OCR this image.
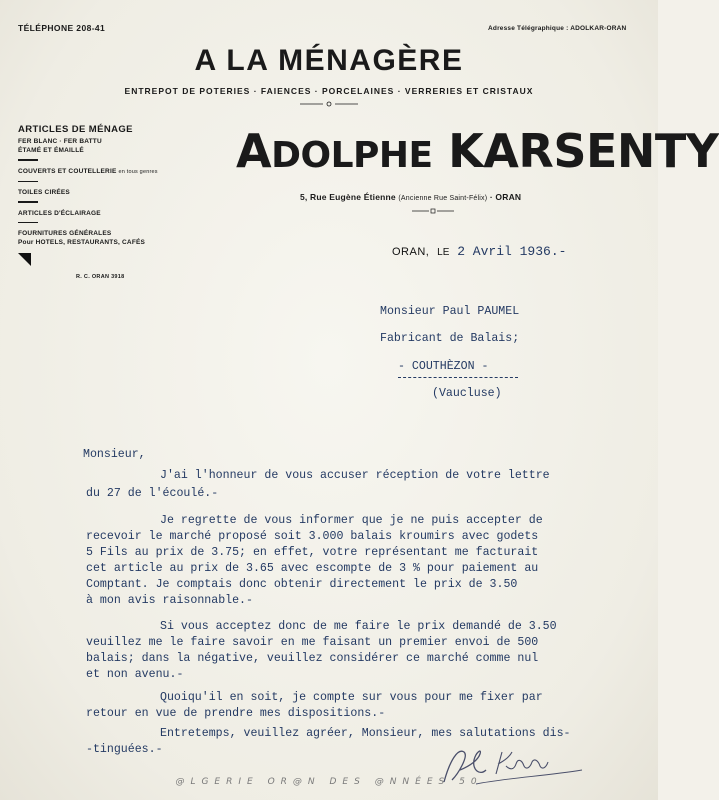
TÉLÉPHONE 208-41	Adresse Télégraphique : ADOLKAR-ORAN
A LA MÉNAGÈRE
ENTREPOT DE POTERIES · FAIENCES · PORCELAINES · VERRERIES ET CRISTAUX
ARTICLES DE MÉNAGE
FER BLANC · FER BATTU
ÉTAMÉ ET ÉMAILLÉ
COUVERTS ET COUTELLERIE en tous genres
TOILES CIRÉES
ARTICLES D'ÉCLAIRAGE
FOURNITURES GÉNÉRALES
Pour HOTELS, RESTAURANTS, CAFÉS
R. C. ORAN 3918
ADOLPHE KARSENTY
5, Rue Eugène Étienne (Ancienne Rue Saint-Félix) · ORAN
ORAN, LE 2 Avril 1936.-
Monsieur Paul PAUMEL
Fabricant de Balais;
- COUTHÈZON -
(Vaucluse)
Monsieur,
J'ai l'honneur de vous accuser réception de votre lettre
du 27 de l'écoulé.-
Je regrette de vous informer que je ne puis accepter de
recevoir le marché proposé soit 3.000 balais kroumirs avec godets
5 Fils au prix de 3.75; en effet, votre représentant me facturait
cet article au prix de 3.65 avec escompte de 3 % pour paiement au
Comptant. Je comptais donc obtenir directement le prix de 3.50
à mon avis raisonnable.-
Si vous acceptez donc de me faire le prix demandé de 3.50
veuillez me le faire savoir en me faisant un premier envoi de 500
balais; dans la négative, veuillez considérer ce marché comme nul
et non avenu.-
Quoiqu'il en soit, je compte sur vous pour me fixer par
retour en vue de prendre mes dispositions.-
Entretemps, veuillez agréer, Monsieur, mes salutations dis-
-tinguées.-
@LGERIE OR@N DES @NNÉES 50
